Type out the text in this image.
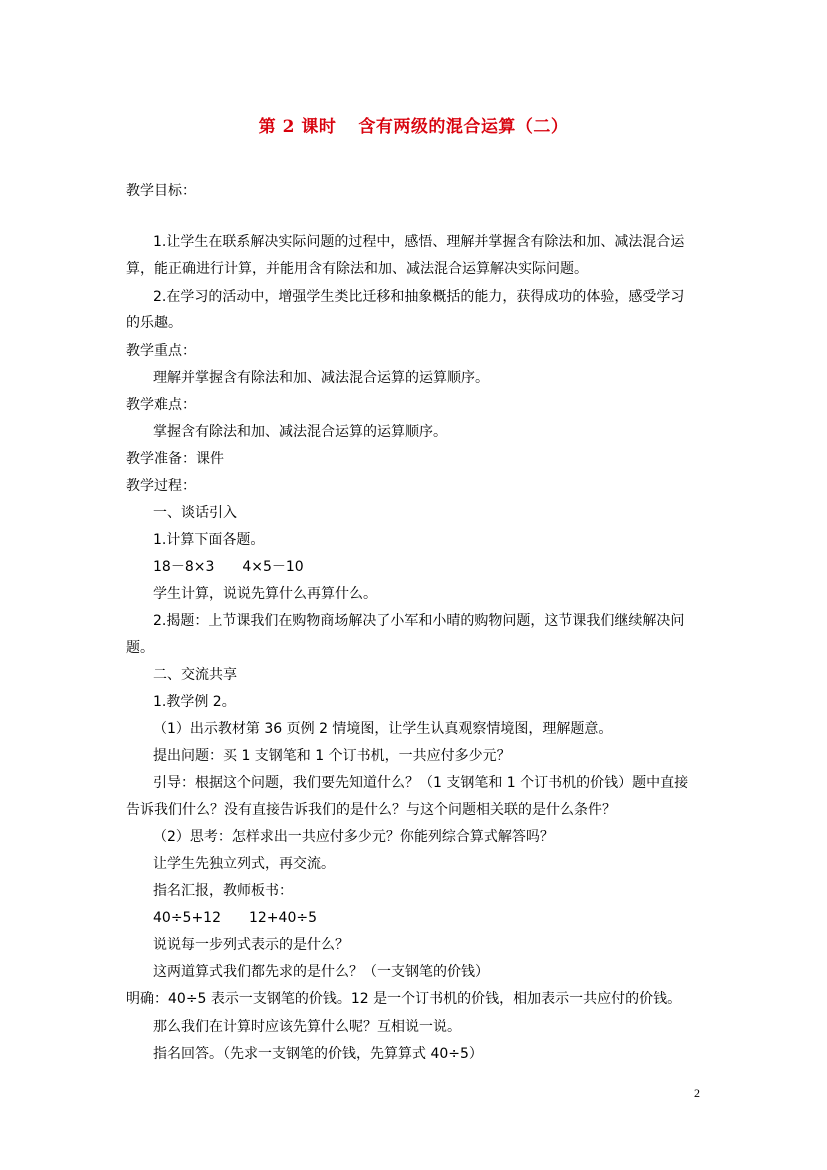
第 2 课时 含有两级的混合运算（二）
教学目标：
1.让学生在联系解决实际问题的过程中，感悟、理解并掌握含有除法和加、减法混合运
算，能正确进行计算，并能用含有除法和加、减法混合运算解决实际问题。
2.在学习的活动中，增强学生类比迁移和抽象概括的能力，获得成功的体验，感受学习
的乐趣。
教学重点：
理解并掌握含有除法和加、减法混合运算的运算顺序。
教学难点：
掌握含有除法和加、减法混合运算的运算顺序。
教学准备：课件
教学过程：
一、谈话引入
1.计算下面各题。
18－8×3　　4×5－10
学生计算，说说先算什么再算什么。
2.揭题：上节课我们在购物商场解决了小军和小晴的购物问题，这节课我们继续解决问
题。
二、交流共享
1.教学例 2。
（1）出示教材第 36 页例 2 情境图，让学生认真观察情境图，理解题意。
提出问题：买 1 支钢笔和 1 个订书机，一共应付多少元？
引导：根据这个问题，我们要先知道什么？（1 支钢笔和 1 个订书机的价钱）题中直接
告诉我们什么？没有直接告诉我们的是什么？与这个问题相关联的是什么条件？
（2）思考：怎样求出一共应付多少元？你能列综合算式解答吗？
让学生先独立列式，再交流。
指名汇报，教师板书：
40÷5+12　　12+40÷5
说说每一步列式表示的是什么？
这两道算式我们都先求的是什么？（一支钢笔的价钱）
明确：40÷5 表示一支钢笔的价钱。12 是一个订书机的价钱，相加表示一共应付的价钱。
那么我们在计算时应该先算什么呢？互相说一说。
指名回答。（先求一支钢笔的价钱，先算算式 40÷5）
2
